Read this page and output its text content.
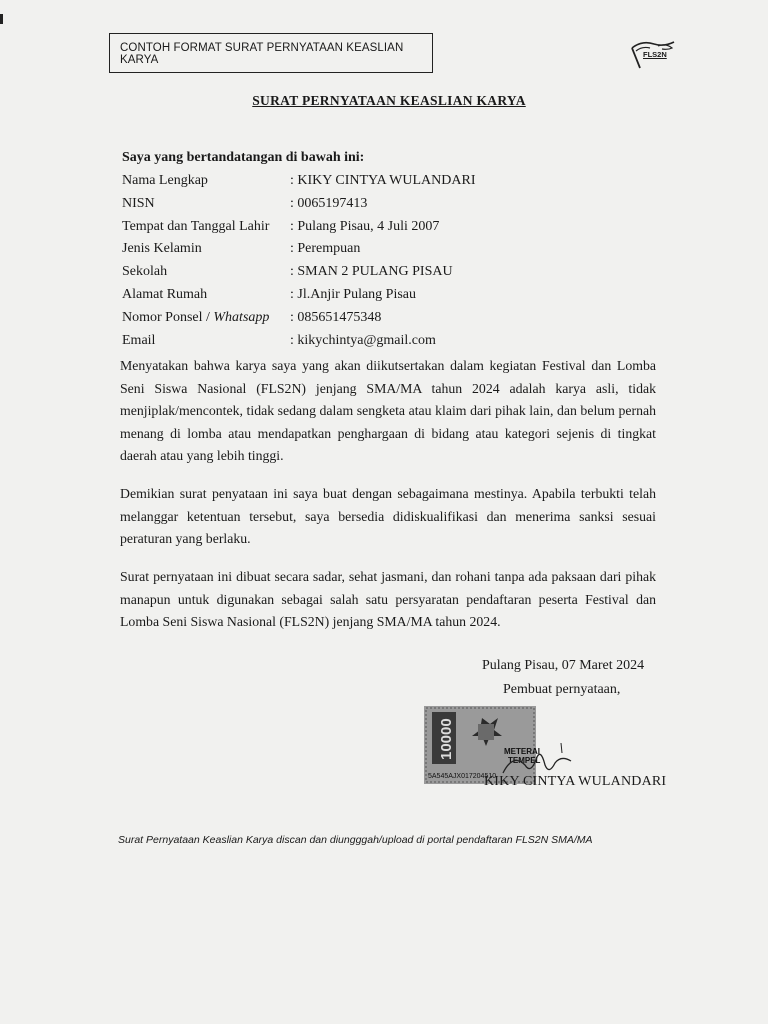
CONTOH FORMAT SURAT PERNYATAAN KEASLIAN KARYA	FLS2N
SURAT PERNYATAAN KEASLIAN KARYA
Saya yang bertandatangan di bawah ini:
Nama Lengkap	: KIKY CINTYA WULANDARI
NISN	: 0065197413
Tempat dan Tanggal Lahir : Pulang Pisau, 4 Juli 2007
Jenis Kelamin	: Perempuan
Sekolah	: SMAN 2 PULANG PISAU
Alamat Rumah	: Jl.Anjir Pulang Pisau
Nomor Ponsel / Whatsapp : 085651475348
Email	: kikychintya@gmail.com
Menyatakan bahwa karya saya yang akan diikutsertakan dalam kegiatan Festival dan Lomba Seni Siswa Nasional (FLS2N) jenjang SMA/MA tahun 2024 adalah karya asli, tidak menjiplak/mencontek, tidak sedang dalam sengketa atau klaim dari pihak lain, dan belum pernah menang di lomba atau mendapatkan penghargaan di bidang atau kategori sejenis di tingkat daerah atau yang lebih tinggi.
Demikian surat penyataan ini saya buat dengan sebagaimana mestinya. Apabila terbukti telah melanggar ketentuan tersebut, saya bersedia didiskualifikasi dan menerima sanksi sesuai peraturan yang berlaku.
Surat pernyataan ini dibuat secara sadar, sehat jasmani, dan rohani tanpa ada paksaan dari pihak manapun untuk digunakan sebagai salah satu persyaratan pendaftaran peserta Festival dan Lomba Seni Siswa Nasional (FLS2N) jenjang SMA/MA tahun 2024.
Pulang Pisau, 07 Maret 2024
Pembuat pernyataan,
10000	METERAI
TEMPEL
5A545AJX017204510
KIKY CINTYA WULANDARI
Surat Pernyataan Keaslian Karya discan dan diungggah/upload di portal pendaftaran FLS2N SMA/MA
